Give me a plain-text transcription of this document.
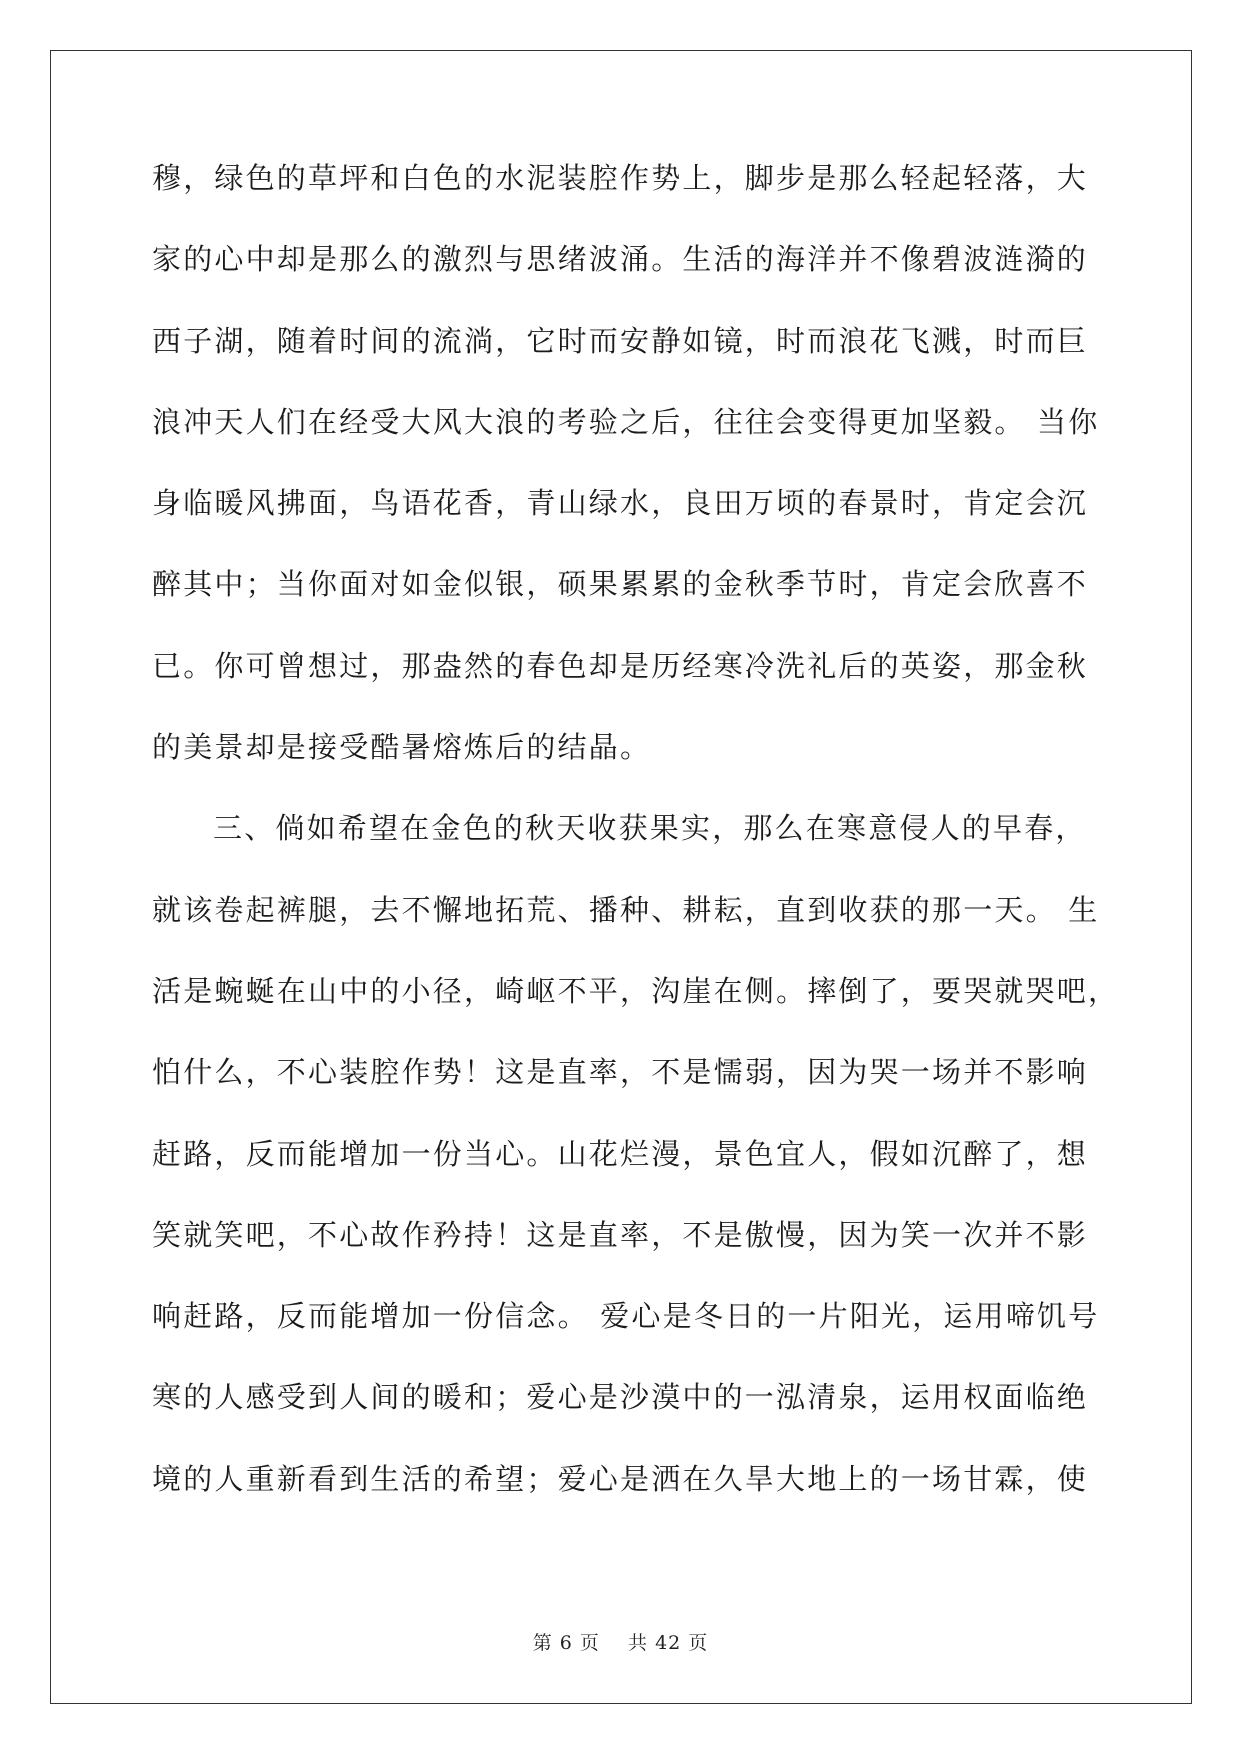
穆，绿色的草坪和白色的水泥装腔作势上，脚步是那么轻起轻落，大
家的心中却是那么的激烈与思绪波涌。生活的海洋并不像碧波涟漪的
西子湖，随着时间的流淌，它时而安静如镜，时而浪花飞溅，时而巨
浪冲天人们在经受大风大浪的考验之后，往往会变得更加坚毅。 当你
身临暖风拂面，鸟语花香，青山绿水，良田万顷的春景时，肯定会沉
醉其中；当你面对如金似银，硕果累累的金秋季节时，肯定会欣喜不
已。你可曾想过，那盎然的春色却是历经寒冷洗礼后的英姿，那金秋
的美景却是接受酷暑熔炼后的结晶。
三、倘如希望在金色的秋天收获果实，那么在寒意侵人的早春，
就该卷起裤腿，去不懈地拓荒、播种、耕耘，直到收获的那一天。 生
活是蜿蜒在山中的小径，崎岖不平，沟崖在侧。摔倒了，要哭就哭吧，
怕什么，不心装腔作势！这是直率，不是懦弱，因为哭一场并不影响
赶路，反而能增加一份当心。山花烂漫，景色宜人，假如沉醉了，想
笑就笑吧，不心故作矜持！这是直率，不是傲慢，因为笑一次并不影
响赶路，反而能增加一份信念。 爱心是冬日的一片阳光，运用啼饥号
寒的人感受到人间的暖和；爱心是沙漠中的一泓清泉，运用权面临绝
境的人重新看到生活的希望；爱心是洒在久旱大地上的一场甘霖，使
第 6 页 共 42 页
